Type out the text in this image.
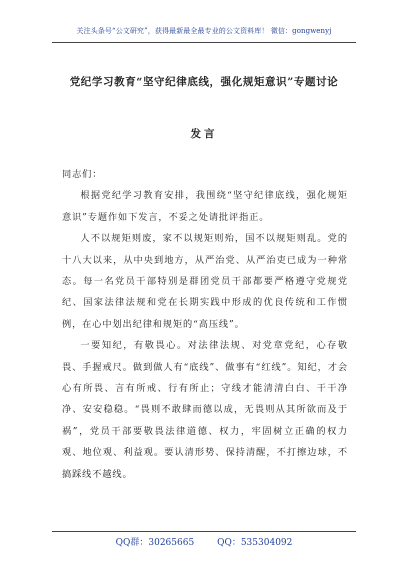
关注头条号“公文研究”，获得最新最全最专业的公文资料库！ 微信：gongwenyj
党纪学习教育“坚守纪律底线，强化规矩意识”专题讨论
发言

同志们：

根据党纪学习教育安排，我围绕“坚守纪律底线，强化规矩意识”专题作如下发言，不妥之处请批评指正。

人不以规矩则废，家不以规矩则殆，国不以规矩则乱。党的十八大以来，从中央到地方，从严治党、从严治吏已成为一种常态。每一名党员干部特别是群团党员干部都要严格遵守党规党纪、国家法律法规和党在长期实践中形成的优良传统和工作惯例，在心中划出纪律和规矩的“高压线”。

一要知纪，有敬畏心。对法律法规、对党章党纪，心存敬畏、手握戒尺。做到做人有“底线”、做事有“红线”。知纪，才会心有所畏、言有所戒、行有所止；守线才能清清白白、干干净净、安安稳稳。“畏则不敢肆而德以成，无畏则从其所欲而及于祸”，党员干部要敬畏法律道德、权力，牢固树立正确的权力观、地位观、利益观。要认清形势、保持清醒，不打擦边球，不搞踩线不越线。

QQ群：30265665	QQ：535304092
